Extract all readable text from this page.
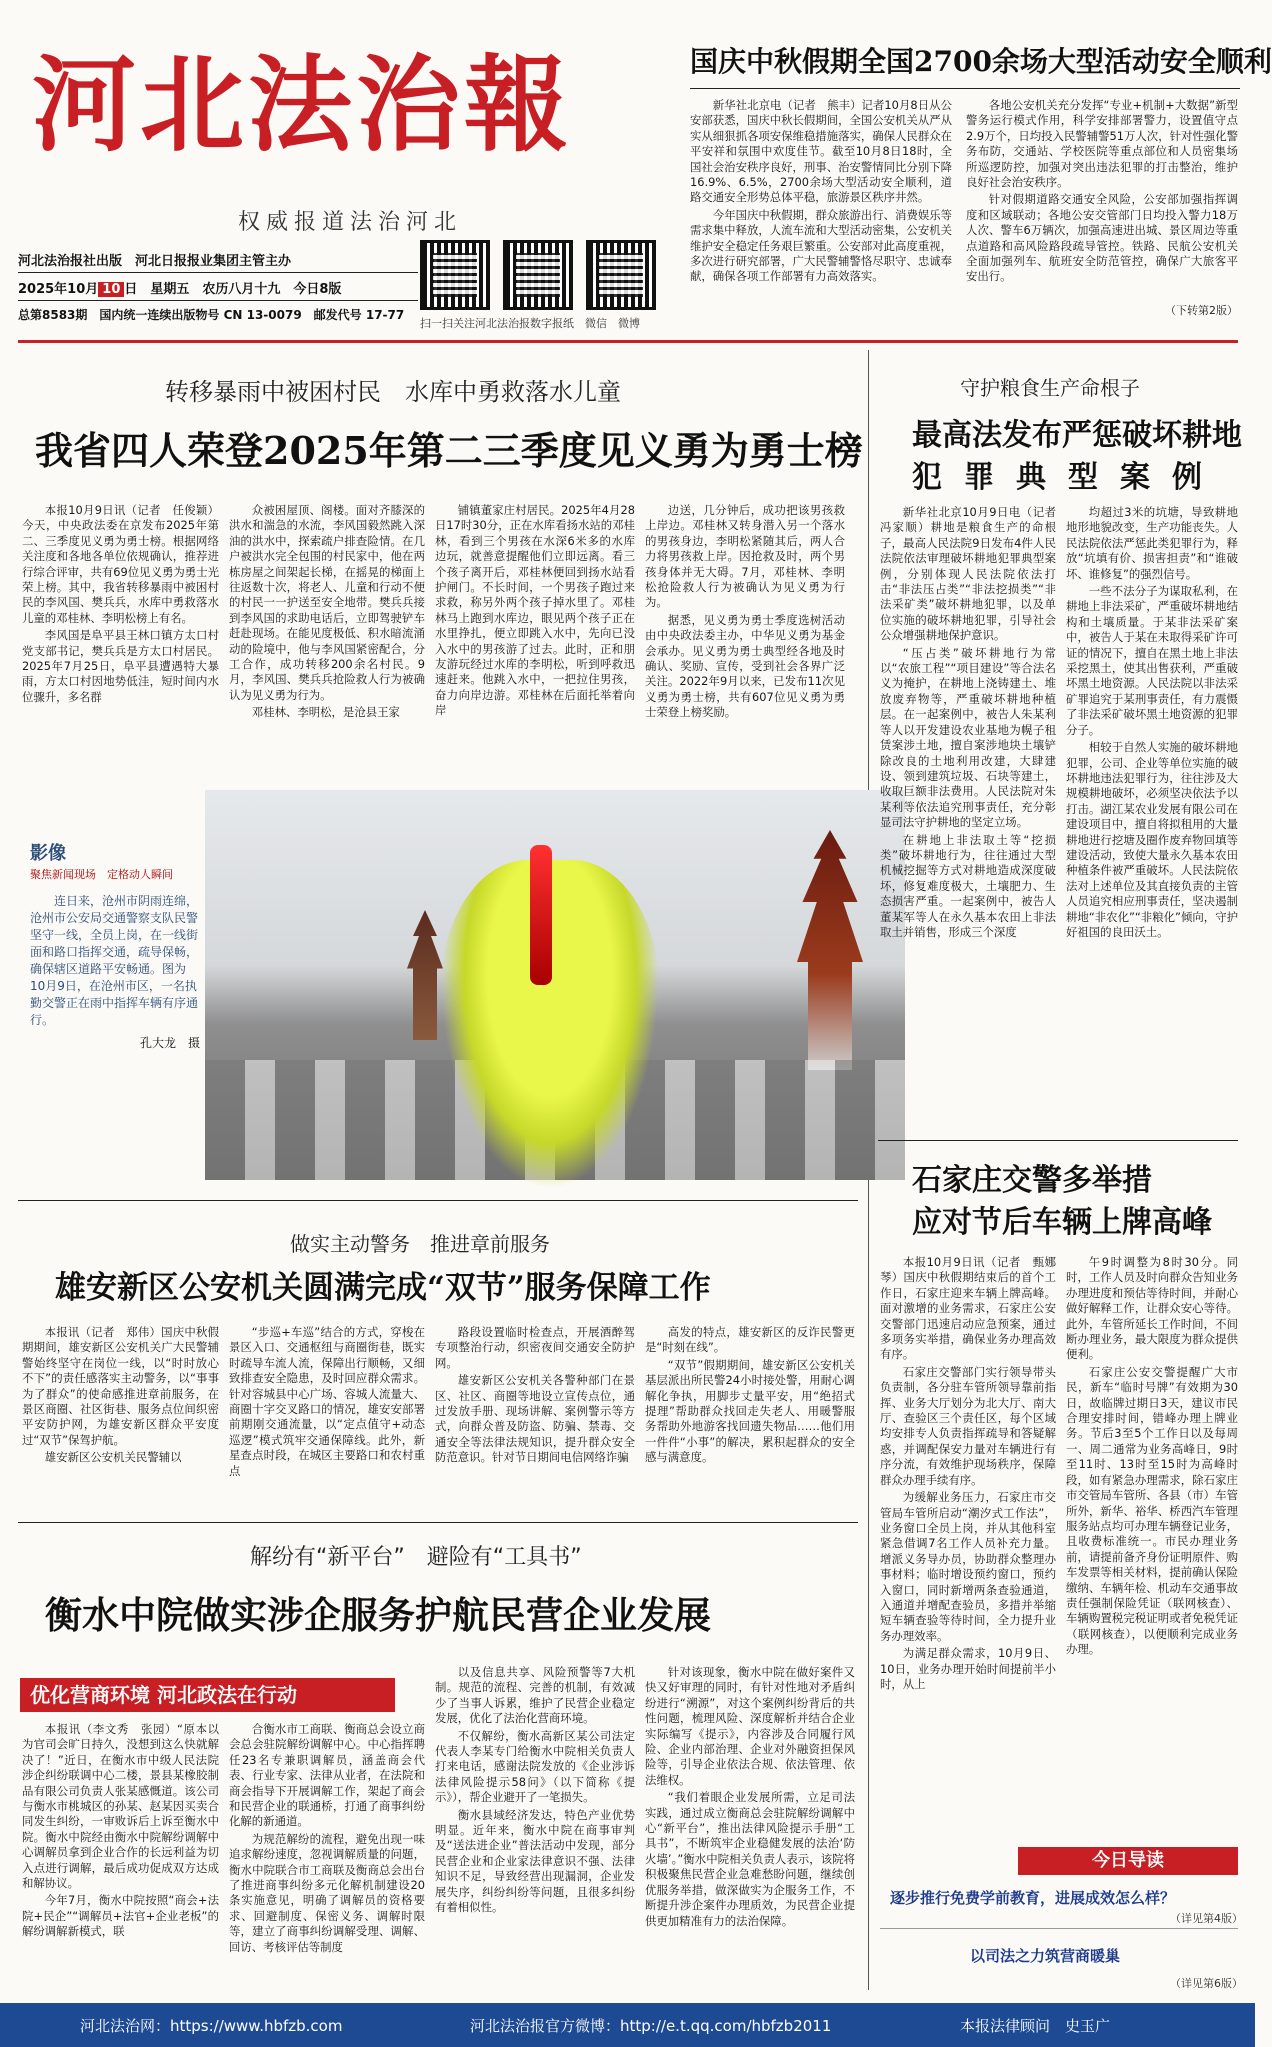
河北法治報
权威报道法治河北
河北法治报社出版　河北日报报业集团主管主办
2025年10月 10 日　星期五　农历八月十九　今日8版
总第8583期　国内统一连续出版物号 CN 13-0079　邮发代号 17-77
扫一扫关注河北法治报数字报纸　微信　微博
国庆中秋假期全国2700余场大型活动安全顺利

新华社北京电（记者　熊丰）记者10月8日从公安部获悉，国庆中秋长假期间，全国公安机关从严从实从细狠抓各项安保维稳措施落实，确保人民群众在平安祥和氛围中欢度佳节。截至10月8日18时，全国社会治安秩序良好，刑事、治安警情同比分别下降16.9%、6.5%，2700余场大型活动安全顺利，道路交通安全形势总体平稳，旅游景区秩序井然。

今年国庆中秋假期，群众旅游出行、消费娱乐等需求集中释放，人流车流和大型活动密集，公安机关维护安全稳定任务艰巨繁重。公安部对此高度重视，多次进行研究部署，广大民警辅警恪尽职守、忠诚奉献，确保各项工作部署有力高效落实。

各地公安机关充分发挥“专业+机制+大数据”新型警务运行模式作用，科学安排部署警力，设置值守点2.9万个，日均投入民警辅警51万人次，针对性强化警务布防，交通站、学校医院等重点部位和人员密集场所巡逻防控，加强对突出违法犯罪的打击整治，维护良好社会治安秩序。

针对假期道路交通安全风险，公安部加强指挥调度和区域联动；各地公安交管部门日均投入警力18万人次、警车6万辆次，加强高速进出城、景区周边等重点道路和高风险路段疏导管控。铁路、民航公安机关全面加强列车、航班安全防范管控，确保广大旅客平安出行。

（下转第2版）
转移暴雨中被困村民　水库中勇救落水儿童
我省四人荣登2025年第二三季度见义勇为勇士榜

本报10月9日讯（记者　任俊颖）今天，中央政法委在京发布2025年第二、三季度见义勇为勇士榜。根据网络关注度和各地各单位依规确认，推荐进行综合评审，共有69位见义勇为勇士光荣上榜。其中，我省转移暴雨中被困村民的李风国、樊兵兵，水库中勇救落水儿童的邓桂林、李明松榜上有名。

李风国是阜平县王林口镇方太口村党支部书记，樊兵兵是方太口村居民。2025年7月25日，阜平县遭遇特大暴雨，方太口村因地势低洼，短时间内水位骤升，多名群

众被困屋顶、阁楼。面对齐膝深的洪水和湍急的水流，李风国毅然跳入深油的洪水中，探索疏户排查险情。在几户被洪水完全包围的村民家中，他在两栋房屋之间架起长梯，在摇晃的梯面上往返数十次，将老人、儿童和行动不便的村民一一护送至安全地带。樊兵兵接到李风国的求助电话后，立即驾驶铲车赶赴现场。在能见度极低、积水暗流涌动的险境中，他与李风国紧密配合，分工合作，成功转移200余名村民。9月，李风国、樊兵兵抢险救人行为被确认为见义勇为行为。

邓桂林、李明松，是沧县王家

铺镇董家庄村居民。2025年4月28日17时30分，正在水库看扬水站的邓桂林，看到三个男孩在水深6米多的水库边玩，就善意提醒他们立即远离。看三个孩子离开后，邓桂林便回到扬水站看护闸门。不长时间，一个男孩子跑过来求救，称另外两个孩子掉水里了。邓桂林马上跑到水库边，眼见两个孩子正在水里挣扎，便立即跳入水中，先向已没入水中的男孩游了过去。此时，正和朋友游玩经过水库的李明松，听到呼救迅速赶来。他跳入水中，一把拉住男孩，奋力向岸边游。邓桂林在后面托举着向岸

边送，几分钟后，成功把该男孩救上岸边。邓桂林又转身潜入另一个落水的男孩身边，李明松紧随其后，两人合力将男孩救上岸。因抢救及时，两个男孩身体并无大碍。7月，邓桂林、李明松抢险救人行为被确认为见义勇为行为。

据悉，见义勇为勇士季度选树活动由中央政法委主办，中华见义勇为基金会承办。见义勇为勇士典型经各地及时确认、奖励、宣传，受到社会各界广泛关注。2022年9月以来，已发布11次见义勇为勇士榜，共有607位见义勇为勇士荣登上榜奖励。

影像
聚焦新闻现场　定格动人瞬间
连日来，沧州市阴雨连绵，沧州市公安局交通警察支队民警坚守一线，全员上岗，在一线街面和路口指挥交通，疏导保畅，确保辖区道路平安畅通。图为10月9日，在沧州市区，一名执勤交警正在雨中指挥车辆有序通行。
孔大龙　摄
守护粮食生产命根子
最高法发布严惩破坏耕地
犯罪典型案例

新华社北京10月9日电（记者　冯家顺）耕地是粮食生产的命根子，最高人民法院9日发布4件人民法院依法审理破坏耕地犯罪典型案例，分别体现人民法院依法打击“非法压占类”“非法挖损类”“非法采矿类”破坏耕地犯罪，以及单位实施的破坏耕地犯罪，引导社会公众增强耕地保护意识。

“压占类”破坏耕地行为常以“农旅工程”“项目建设”等合法名义为掩护，在耕地上浇铸建土、堆放废弃物等，严重破坏耕地种植层。在一起案例中，被告人朱某利等人以开发建设农业基地为幌子租赁案涉土地，擅自案涉地块土壤铲除改良的土地利用改建，大肆建设、领到建筑垃圾、石块等建土，收取巨额非法费用。人民法院对朱某利等依法追究刑事责任，充分彰显司法守护耕地的坚定立场。

在耕地上非法取土等“挖损类”破坏耕地行为，往往通过大型机械挖掘等方式对耕地造成深度破坏，修复难度极大，土壤肥力、生态损害严重。一起案例中，被告人董某军等人在永久基本农田上非法取土并销售，形成三个深度

均超过3米的坑塘，导致耕地地形地貌改变，生产功能丧失。人民法院依法严惩此类犯罪行为，释放“坑填有价、损害担责”和“谁破坏、谁修复”的强烈信号。

一些不法分子为谋取私利，在耕地上非法采矿，严重破坏耕地结构和土壤质量。于某非法采矿案中，被告人于某在未取得采矿许可证的情况下，擅自在黑土地上非法采挖黑土，使其出售获利，严重破坏黑土地资源。人民法院以非法采矿罪追究于某刑事责任，有力震慑了非法采矿破坏黑土地资源的犯罪分子。

相较于自然人实施的破坏耕地犯罪，公司、企业等单位实施的破坏耕地违法犯罪行为，往往涉及大规模耕地破坏，必须坚决依法予以打击。湖江某农业发展有限公司在建设项目中，擅自将拟租用的大量耕地进行挖塘及圈作废弃物回填等建设活动，致使大量永久基本农田种植条件被严重破坏。人民法院依法对上述单位及其直接负责的主管人员追究相应刑事责任，坚决遏制耕地“非农化”“非粮化”倾向，守护好祖国的良田沃土。

石家庄交警多举措
应对节后车辆上牌高峰

本报10月9日讯（记者　甄娜琴）国庆中秋假期结束后的首个工作日，石家庄迎来车辆上牌高峰。面对激增的业务需求，石家庄公安交警部门迅速启动应急预案，通过多项务实举措，确保业务办理高效有序。

石家庄交警部门实行领导带头负责制，各分驻车管所领导靠前指挥、业务大厅划分为北大厅、南大厅、查验区三个责任区，每个区域均安排专人负责指挥疏导和答疑解惑，并调配保安力量对车辆进行有序分流，有效维护现场秩序，保障群众办理手续有序。

为缓解业务压力，石家庄市交管局车管所启动“潮汐式工作法”，业务窗口全员上岗，并从其他科室紧急借调7名工作人员补充力量。增派义务导办员，协助群众整理办事材料；临时增设预约窗口，预约入窗口，同时新增两条查验通道，入通道并增配查验员，多措并举缩短车辆查验等待时间，全力提升业务办理效率。

为满足群众需求，10月9日、10日，业务办理开始时间提前半小时，从上

午9时调整为8时30分。同时，工作人员及时向群众告知业务办理进度和预估等待时间，并耐心做好解释工作，让群众安心等待。此外，车管所延长工作时间，不间断办理业务，最大限度为群众提供便利。

石家庄公安交警提醒广大市民，新车“临时号牌”有效期为30日，故临牌过期日3天，建议市民合理安排时间，错峰办理上牌业务。节后3至5个工作日以及每周一、周二通常为业务高峰日，9时至11时、13时至15时为高峰时段，如有紧急办理需求，除石家庄市交管局车管所、各县（市）车管所外，新华、裕华、桥西汽车管理服务站点均可办理车辆登记业务，且收费标准统一。市民办理业务前，请提前备齐身份证明原件、购车发票等相关材料，提前确认保险缴纳、车辆年检、机动车交通事故责任强制保险凭证（联网核查）、车辆购置税完税证明或者免税凭证（联网核查），以便顺利完成业务办理。

做实主动警务　推进章前服务
雄安新区公安机关圆满完成“双节”服务保障工作

本报讯（记者　郑伟）国庆中秋假期期间，雄安新区公安机关广大民警辅警始终坚守在岗位一线，以“时时放心不下”的责任感落实主动警务，以“事事为了群众”的使命感推进章前服务，在景区商圈、社区街巷、服务点位间织密平安防护网，为雄安新区群众平安度过“双节”保驾护航。

雄安新区公安机关民警辅以

“步巡+车巡”结合的方式，穿梭在景区入口、交通枢纽与商圈街巷，既实时疏导车流人流，保障出行顺畅，又细致排查安全隐患，及时回应群众需求。针对容城县中心广场、容城人流量大、商圈十字交叉路口的情况，雄安安部署前期刚交通流量，以“定点值守+动态巡逻”模式筑牢交通保障线。此外，新星查点时段，在城区主要路口和农村重点

路段设置临时检查点，开展酒醉驾专项整治行动，织密夜间交通安全防护网。

雄安新区公安机关各警种部门在景区、社区、商圈等地设立宣传点位，通过发放手册、现场讲解、案例警示等方式，向群众普及防盗、防骗、禁毒、交通安全等法律法规知识，提升群众安全防范意识。针对节日期间电信网络诈骗

高发的特点，雄安新区的反诈民警更是“时刻在线”。

“双节”假期期间，雄安新区公安机关基层派出所民警24小时接处警，用耐心调解化争执，用脚步丈量平安，用“绝招式提理”帮助群众找回走失老人、用暖警服务帮助外地游客找回遗失物品……他们用一件件“小事”的解决，累积起群众的安全感与满意度。

解纷有“新平台”　避险有“工具书”
衡水中院做实涉企服务护航民营企业发展
优化营商环境 河北政法在行动

本报讯（李文秀　张园）“原本以为官司会旷日持久，没想到这么快就解决了！”近日，在衡水市中级人民法院涉企纠纷联调中心二楼，景县某橡胶制品有限公司负责人张某感慨道。该公司与衡水市桃城区的孙某、赵某因买卖合同发生纠纷，一审败诉后上诉至衡水中院。衡水中院经由衡水中院解纷调解中心调解员拿到企业合作的长远利益为切入点进行调解，最后成功促成双方达成和解协议。

今年7月，衡水中院按照“商会+法院+民企”“调解员+法官+企业老板”的解纷调解新模式，联

合衡水市工商联、衡商总会设立商会总会驻院解纷调解中心。中心指挥聘任23名专兼职调解员，涵盖商会代表、行业专家、法律从业者，在法院和商会指导下开展调解工作，架起了商会和民营企业的联通桥，打通了商事纠纷化解的新通道。

为规范解纷的流程，避免出现一味追求解纷速度，忽视调解质量的问题，衡水中院联合市工商联及衡商总会出台了推进商事纠纷多元化解机制建设20条实施意见，明确了调解员的资格要求、回避制度、保密义务、调解时限等，建立了商事纠纷调解受理、调解、回访、考核评估等制度

以及信息共享、风险预警等7大机制。规范的流程、完善的机制，有效减少了当事人诉累，维护了民营企业稳定发展，优化了法治化营商环境。

不仅解纷，衡水高新区某公司法定代表人李某专门给衡水中院相关负责人打来电话，感谢法院发放的《企业涉诉法律风险提示58问》（以下简称《提示》），帮企业避开了一笔损失。

衡水县域经济发达，特色产业优势明显。近年来，衡水中院在商事审判及“送法进企业”普法活动中发现，部分民营企业和企业家法律意识不强、法律知识不足，导致经营出现漏洞，企业发展失序，纠纷纠纷等问题，且很多纠纷有着相似性。

针对该现象，衡水中院在做好案件又快又好审理的同时，有针对性地对矛盾纠纷进行“溯源”，对这个案例纠纷背后的共性问题，梳理风险、深度解析并结合企业实际编写《提示》，内容涉及合同履行风险、企业内部治理、企业对外融资担保风险等，引导企业依法合规、依法管理、依法维权。

“我们着眼企业发展所需，立足司法实践，通过成立衡商总会驻院解纷调解中心“新平台”，推出法律风险提示手册“工具书”，不断筑牢企业稳健发展的法治‘防火墙’。”衡水中院相关负责人表示，该院将积极聚焦民营企业急难愁盼问题，继续创优服务举措，做深做实为企服务工作，不断提升涉企案件办理质效，为民营企业提供更加精准有力的法治保障。

今日导读
逐步推行免费学前教育，进展成效怎么样？
（详见第4版）
以司法之力筑营商暖巢
（详见第6版）
河北法治网：https://www.hbfzb.com	河北法治报官方微博：http://e.t.qq.com/hbfzb2011	本报法律顾问　史玉广
